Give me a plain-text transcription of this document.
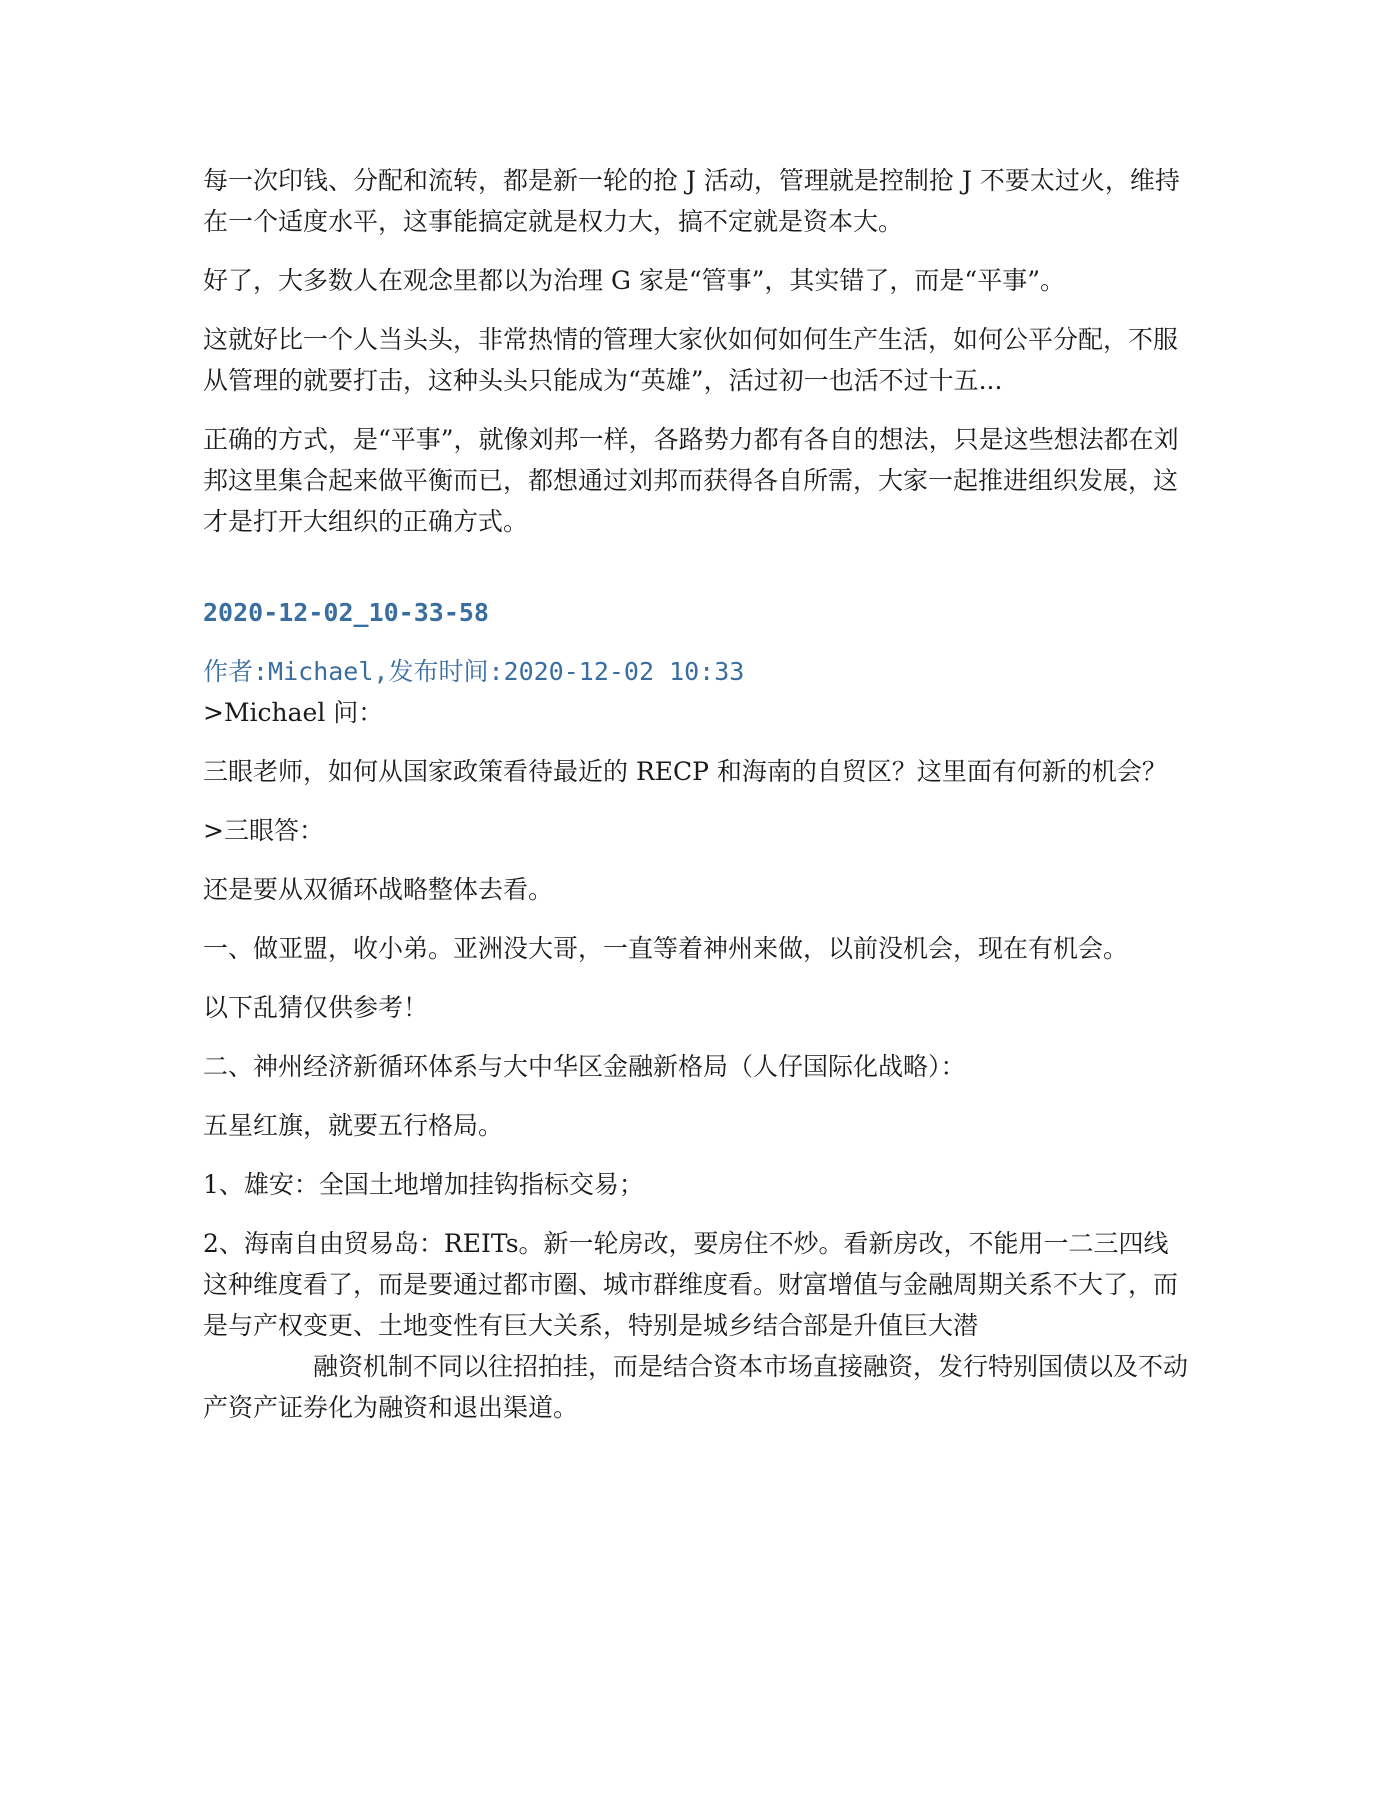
每一次印钱、分配和流转，都是新一轮的抢 J 活动，管理就是控制抢 J 不要太过火，维持在一个适度水平，这事能搞定就是权力大，搞不定就是资本大。

好了，大多数人在观念里都以为治理 G 家是“管事”，其实错了，而是“平事”。

这就好比一个人当头头，非常热情的管理大家伙如何如何生产生活，如何公平分配，不服从管理的就要打击，这种头头只能成为“英雄”，活过初一也活不过十五...

正确的方式，是“平事”，就像刘邦一样，各路势力都有各自的想法，只是这些想法都在刘邦这里集合起来做平衡而已，都想通过刘邦而获得各自所需，大家一起推进组织发展，这才是打开大组织的正确方式。

2020-12-02_10-33-58
作者:Michael,发布时间:2020-12-02 10:33

>Michael 问：

三眼老师，如何从国家政策看待最近的 RECP 和海南的自贸区？这里面有何新的机会？

>三眼答：

还是要从双循环战略整体去看。

一、做亚盟，收小弟。亚洲没大哥，一直等着神州来做，以前没机会，现在有机会。

以下乱猜仅供参考！

二、神州经济新循环体系与大中华区金融新格局（人仔国际化战略）：

五星红旗，就要五行格局。

1、雄安：全国土地增加挂钩指标交易；

2、海南自由贸易岛：REITs。新一轮房改，要房住不炒。看新房改，不能用一二三四线这种维度看了，而是要通过都市圈、城市群维度看。财富增值与金融周期关系不大了，而是与产权变更、土地变性有巨大关系，特别是城乡结合部是升值巨大潜

融资机制不同以往招拍挂，而是结合资本市场直接融资，发行特别国债以及不动产资产证券化为融资和退出渠道。
